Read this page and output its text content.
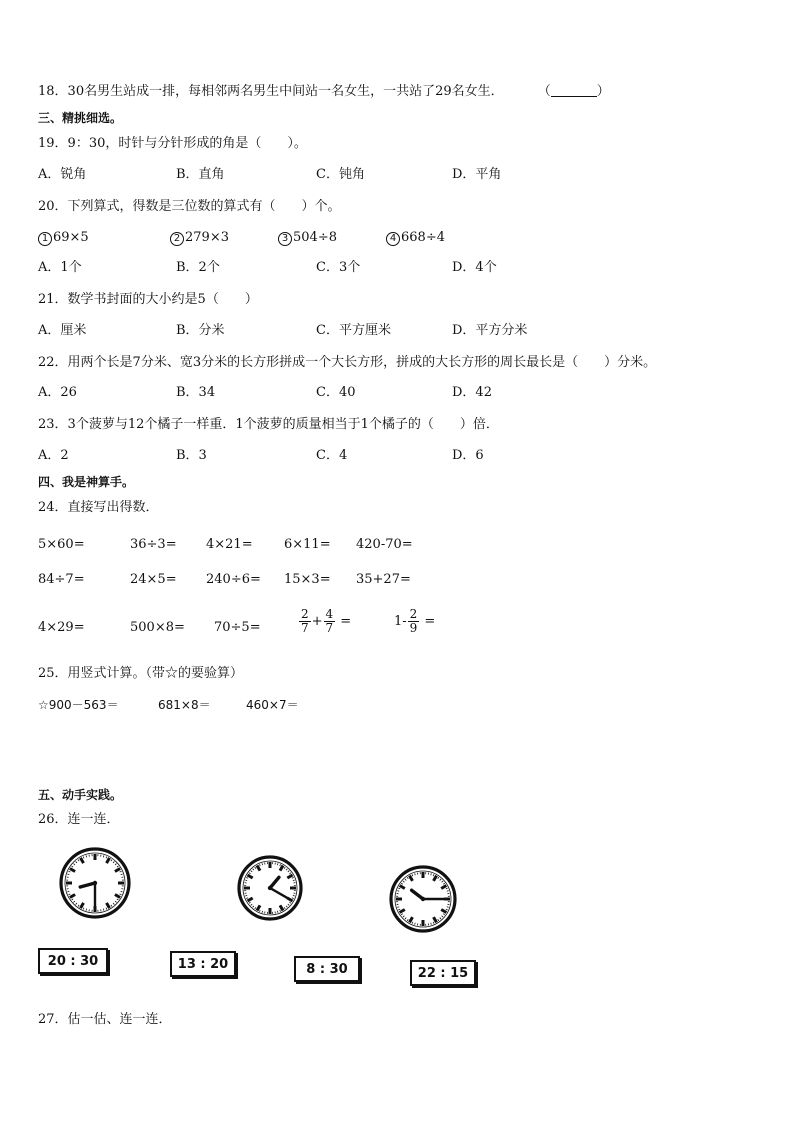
18．30名男生站成一排，每相邻两名男生中间站一名女生，一共站了29名女生．	（	）
三、精挑细选。
19．9：30，时针与分针形成的角是（　　）。
A．锐角	B．直角	C．钝角	D．平角
20．下列算式，得数是三位数的算式有（　　）个。
1 69×5	2 279×3	3 504÷8	4 668÷4
A．1个	B．2个	C．3个	D．4个
21．数学书封面的大小约是5（　　）
A．厘米	B．分米	C．平方厘米	D．平方分米
22．用两个长是7分米、宽3分米的长方形拼成一个大长方形，拼成的大长方形的周长最长是（　　）分米。
A．26	B．34	C．40	D．42
23．3个菠萝与12个橘子一样重．1个菠萝的质量相当于1个橘子的（　　）倍．
A．2	B．3	C．4	D．6
四、我是神算手。
24．直接写出得数．
5×60=	36÷3= 4×21= 6×11= 420-70=
84÷7=	24×5= 240÷6= 15×3= 35+27=
4×29=	500×8= 70÷5=	$\frac{2}{7} + \frac{4}{7}$ =	$1- \frac{2}{9}$ =
25．用竖式计算。（带☆的要验算）
☆900－563＝	681×8＝	460×7＝
五、动手实践。
26．连一连．
20 : 30	13 : 20	8 : 30	22 : 15
27．估一估、连一连．
